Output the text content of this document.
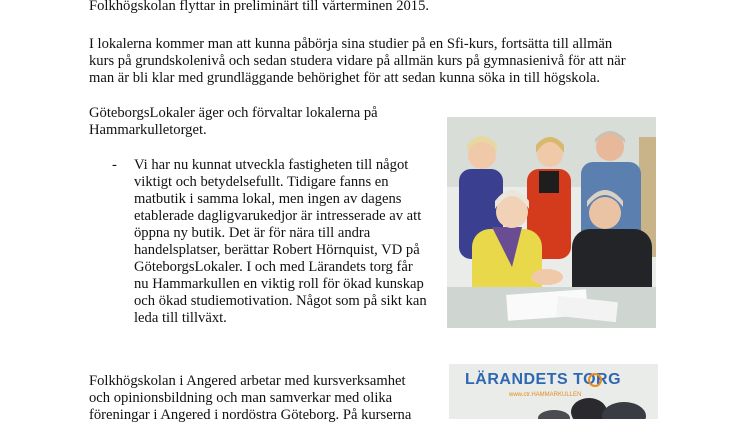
Folkhögskolan flyttar in preliminärt till vårterminen 2015.

I lokalerna kommer man att kunna påbörja sina studier på en Sfi-kurs, fortsätta till allmän

kurs på grundskolenivå och sedan studera vidare på allmän kurs på gymnasienivå för att när

man är bli klar med grundläggande behörighet för att sedan kunna söka in till högskola.

GöteborgsLokaler äger och förvaltar lokalerna på

Hammarkulletorget.

- Vi har nu kunnat utveckla fastigheten till något

viktigt och betydelsefullt. Tidigare fanns en

matbutik i samma lokal, men ingen av dagens

etablerade dagligvarukedjor är intresserade av att

öppna ny butik. Det är för nära till andra

handelsplatser, berättar Robert Hörnquist, VD på

GöteborgsLokaler. I och med Lärandets torg får

nu Hammarkullen en viktig roll för ökad kunskap

och ökad studiemotivation. Något som på sikt kan

leda till tillväxt.

Folkhögskolan i Angered arbetar med kursverksamhet

och opinionsbildning och man samverkar med olika

föreningar i Angered i nordöstra Göteborg. På kurserna

LÄRANDETS TORG
www.ctr.HAMMARKULLEN
